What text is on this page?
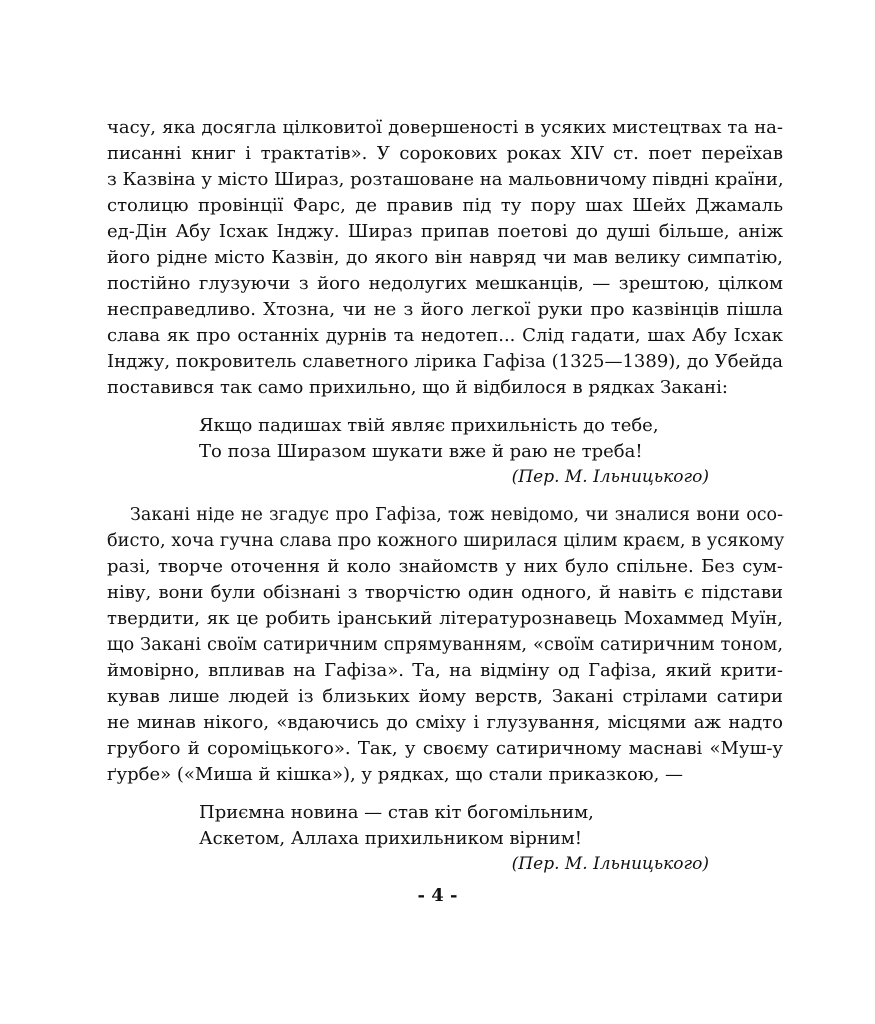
часу, яка досягла цілковитої довершеності в усяких мистецтвах та на-
писанні книг і трактатів». У сорокових роках XIV ст. поет переїхав
з Казвіна у місто Шираз, розташоване на мальовничому півдні країни,
столицю провінції Фарс, де правив під ту пору шах Шейх Джамаль
ед-Дін Абу Ісхак Інджу. Шираз припав поетові до душі більше, аніж
його рідне місто Казвін, до якого він навряд чи мав велику симпатію,
постійно глузуючи з його недолугих мешканців, — зрештою, цілком
несправедливо. Хтозна, чи не з його легкої руки про казвінців пішла
слава як про останніх дурнів та недотеп... Слід гадати, шах Абу Ісхак
Інджу, покровитель славетного лірика Гафіза (1325—1389), до Убейда
поставився так само прихильно, що й відбилося в рядках Закані:
Якщо падишах твій являє прихильність до тебе,
То поза Ширазом шукати вже й раю не треба!
(Пер. М. Ільницького)
Закані ніде не згадує про Гафіза, тож невідомо, чи зналися вони осо-
бисто, хоча гучна слава про кожного ширилася цілим краєм, в усякому
разі, творче оточення й коло знайомств у них було спільне. Без сум-
ніву, вони були обізнані з творчістю один одного, й навіть є підстави
твердити, як це робить іранський літературознавець Мохаммед Муїн,
що Закані своїм сатиричним спрямуванням, «своїм сатиричним тоном,
ймовірно, впливав на Гафіза». Та, на відміну од Гафіза, який крити-
кував лише людей із близьких йому верств, Закані стрілами сатири
не минав нікого, «вдаючись до сміху і глузування, місцями аж надто
грубого й сороміцького». Так, у своєму сатиричному маснаві «Муш-у
ґурбе» («Миша й кішка»), у рядках, що стали приказкою, —
Приємна новина — став кіт богомільним,
Аскетом, Аллаха прихильником вірним!
(Пер. М. Ільницького)
- 4 -
